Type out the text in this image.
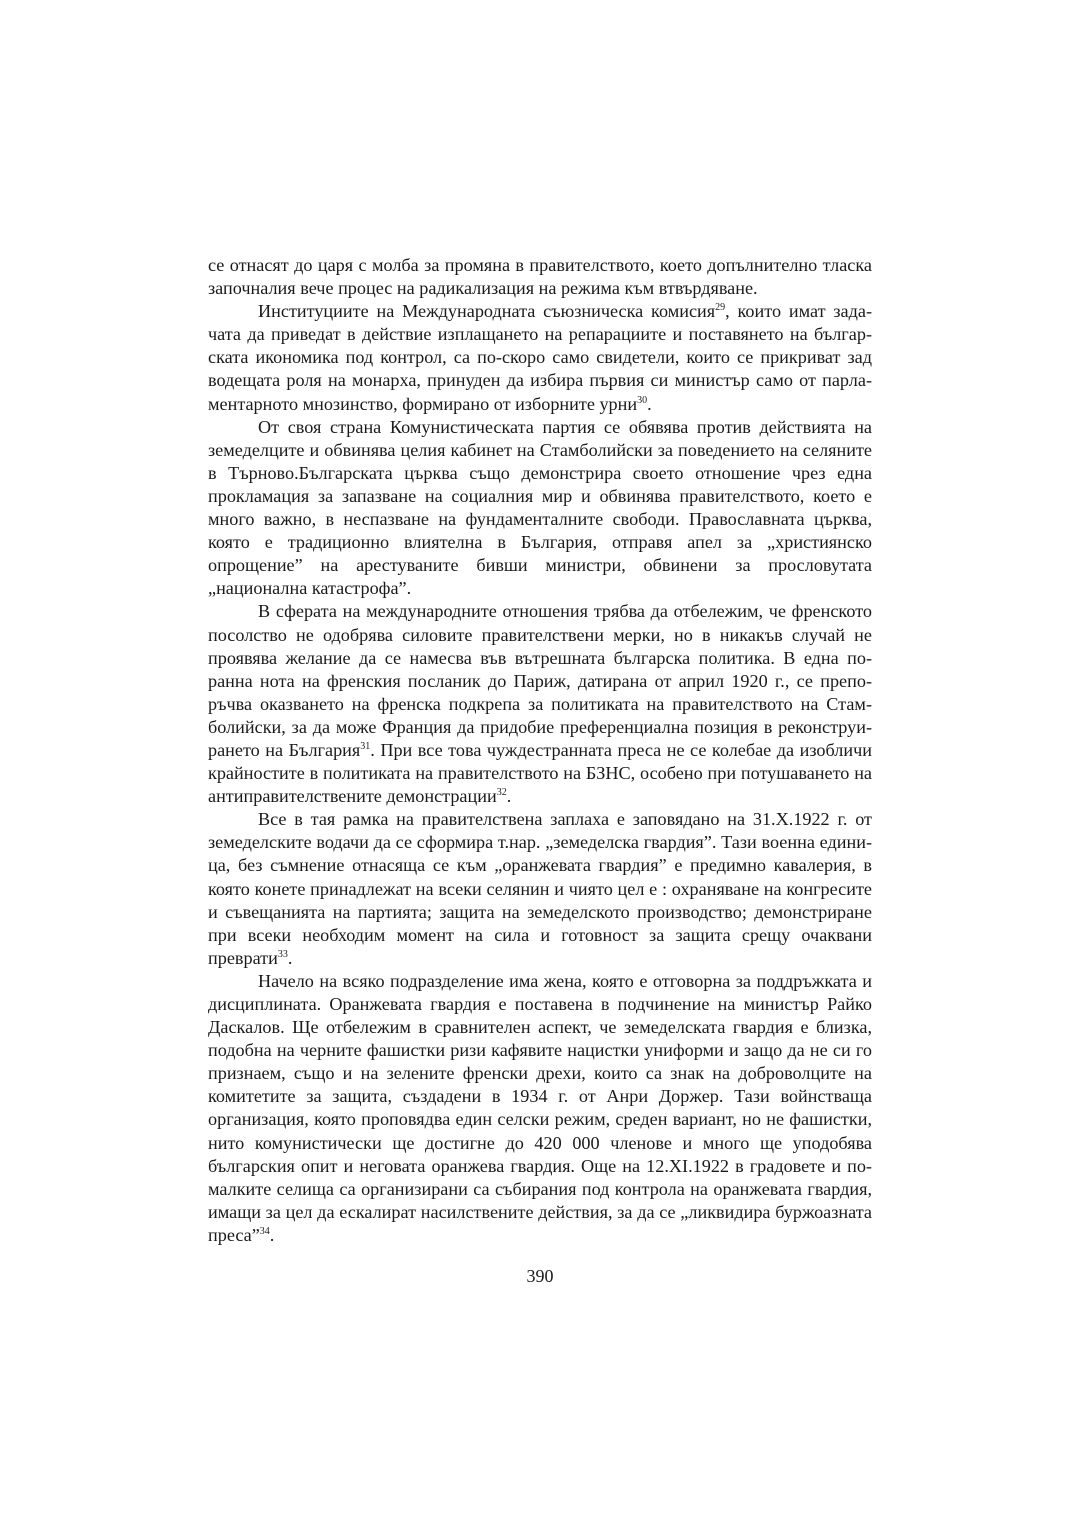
се отнасят до царя с молба за промяна в правителството, което допълнително тласка започналия вече процес на радикализация на режима към втвърдяване.

Институциите на Международната съюзническа комисия$^{29}$, които имат задачата да приведат в действие изплащането на репарациите и поставянето на българската икономика под контрол, са по-скоро само свидетели, които се прикриват зад водещата роля на монарха, принуден да избира първия си министър само от парламентарното мнозинство, формирано от изборните урни$^{30}$.

От своя страна Комунистическата партия се обявява против действията на земеделците и обвинява целия кабинет на Стамболийски за поведението на селяните в Търново.Българската църква също демонстрира своето отношение чрез една прокламация за запазване на социалния мир и обвинява правителството, което е много важно, в неспазване на фундаменталните свободи. Православната църква, която е традиционно влиятелна в България, отправя апел за „християнско опрощение” на арестуваните бивши министри, обвинени за прословутата „национална катастрофа”.

В сферата на международните отношения трябва да отбележим, че френското посолство не одобрява силовите правителствени мерки, но в никакъв случай не проявява желание да се намесва във вътрешната българска политика. В една по-ранна нота на френския посланик до Париж, датирана от април 1920 г., се препоръчва оказването на френска подкрепа за политиката на правителството на Стамболийски, за да може Франция да придобие преференциална позиция в реконструирането на България$^{31}$. При все това чуждестранната преса не се колебае да изобличи крайностите в политиката на правителството на БЗНС, особено при потушаването на антиправителствените демонстрации$^{32}$.

Все в тая рамка на правителствена заплаха е заповядано на 31.Х.1922 г. от земеделските водачи да се сформира т.нар. „земеделска гвардия”. Тази военна единица, без съмнение отнасяща се към „оранжевата гвардия” е предимно кавалерия, в която конете принадлежат на всеки селянин и чиято цел е : охраняване на конгресите и съвещанията на партията; защита на земеделското производство; демонстриране при всеки необходим момент на сила и готовност за защита срещу очаквани преврати$^{33}$.

Начело на всяко подразделение има жена, която е отговорна за поддръжката и дисциплината. Оранжевата гвардия е поставена в подчинение на министър Райко Даскалов. Ще отбележим в сравнителен аспект, че земеделската гвардия е близка, подобна на черните фашистки ризи кафявите нацистки униформи и защо да не си го признаем, също и на зелените френски дрехи, които са знак на доброволците на комитетите за защита, създадени в 1934 г. от Анри Доржер. Тази войнстваща организация, която проповядва един селски режим, среден вариант, но не фашистки, нито комунистически ще достигне до 420 000 членове и много ще уподобява българския опит и неговата оранжева гвардия. Още на 12.XI.1922 в градовете и по-малките селища са организирани са събирания под контрола на оранжевата гвардия, имащи за цел да ескалират насилствените действия, за да се „ликвидира буржоазната преса”$^{34}$.

390
